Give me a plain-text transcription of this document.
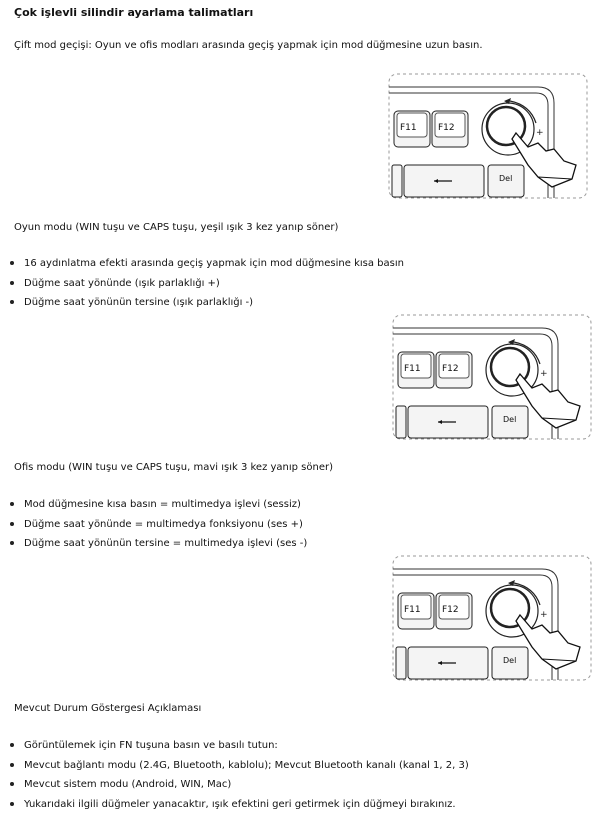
Çok işlevli silindir ayarlama talimatları
Çift mod geçişi: Oyun ve ofis modları arasında geçiş yapmak için mod düğmesine uzun basın.
F11 F12	+
Del
Oyun modu (WIN tuşu ve CAPS tuşu, yeşil ışık 3 kez yanıp söner)
16 aydınlatma efekti arasında geçiş yapmak için mod düğmesine kısa basın
Düğme saat yönünde (ışık parlaklığı +)
Düğme saat yönünün tersine (ışık parlaklığı -)
F11 F12	+
Del
Ofis modu (WIN tuşu ve CAPS tuşu, mavi ışık 3 kez yanıp söner)
Mod düğmesine kısa basın = multimedya işlevi (sessiz)
Düğme saat yönünde = multimedya fonksiyonu (ses +)
Düğme saat yönünün tersine = multimedya işlevi (ses -)
F11 F12	+
Del
Mevcut Durum Göstergesi Açıklaması
Görüntülemek için FN tuşuna basın ve basılı tutun:
Mevcut bağlantı modu (2.4G, Bluetooth, kablolu); Mevcut Bluetooth kanalı (kanal 1, 2, 3)
Mevcut sistem modu (Android, WIN, Mac)
Yukarıdaki ilgili düğmeler yanacaktır, ışık efektini geri getirmek için düğmeyi bırakınız.
